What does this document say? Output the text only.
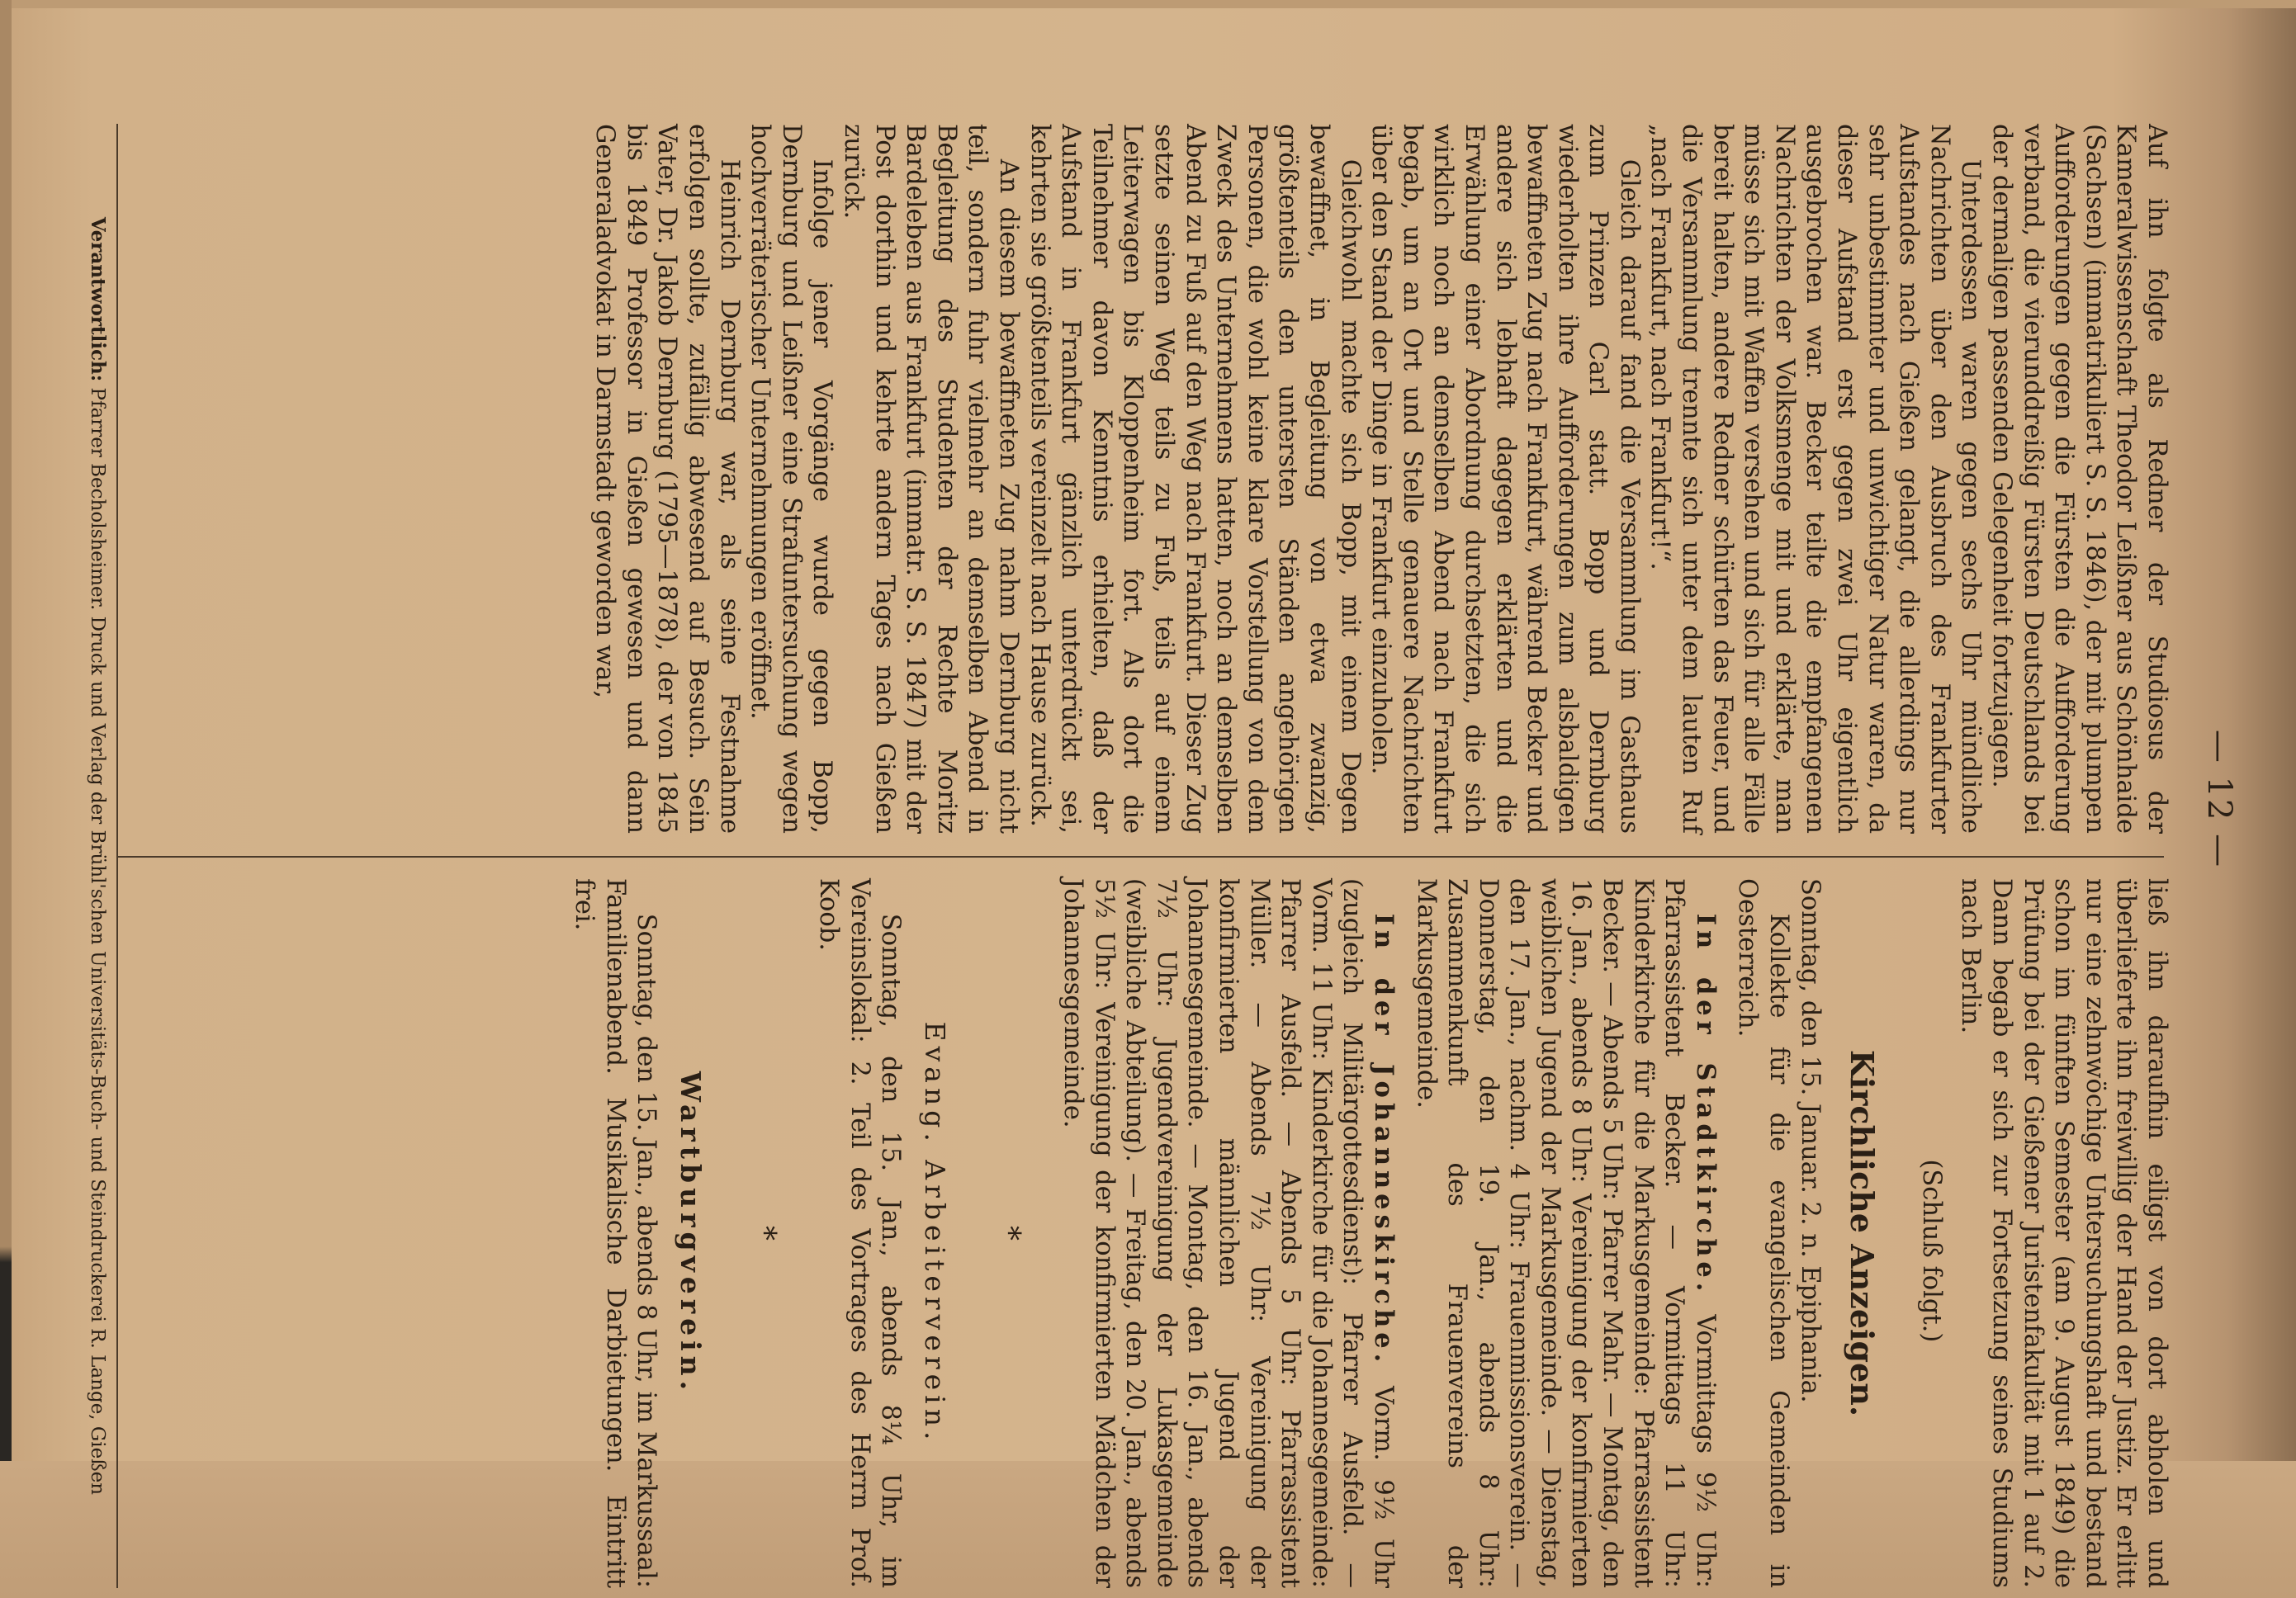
— 12 —

Auf ihn folgte als Redner der Studiosus der Kameralwissenschaft Theodor Leißner aus Schönhaide (Sachsen) (immatrikuliert S. S. 1846), der mit plumpen Aufforderungen gegen die Fürsten die Aufforderung verband, die vierunddreißig Fürsten Deutschlands bei der dermaligen passenden Gelegenheit fortzujagen.

Unterdessen waren gegen sechs Uhr mündliche Nachrichten über den Ausbruch des Frankfurter Aufstandes nach Gießen gelangt, die allerdings nur sehr unbestimmter und unwichtiger Natur waren, da dieser Aufstand erst gegen zwei Uhr eigentlich ausgebrochen war. Becker teilte die empfangenen Nachrichten der Volksmenge mit und erklärte, man müsse sich mit Waffen versehen und sich für alle Fälle bereit halten, andere Redner schürten das Feuer, und die Versammlung trennte sich unter dem lauten Ruf „nach Frankfurt, nach Frankfurt!“.

Gleich darauf fand die Versammlung im Gasthaus zum Prinzen Carl statt. Bopp und Dernburg wiederholten ihre Aufforderungen zum alsbaldigen bewaffneten Zug nach Frankfurt, während Becker und andere sich lebhaft dagegen erklärten und die Erwählung einer Abordnung durchsetzten, die sich wirklich noch an demselben Abend nach Frankfurt begab, um an Ort und Stelle genauere Nachrichten über den Stand der Dinge in Frankfurt einzuholen.

Gleichwohl machte sich Bopp, mit einem Degen bewaffnet, in Begleitung von etwa zwanzig, größtenteils den untersten Ständen angehörigen Personen, die wohl keine klare Vorstellung von dem Zweck des Unternehmens hatten, noch an demselben Abend zu Fuß auf den Weg nach Frankfurt. Dieser Zug setzte seinen Weg teils zu Fuß, teils auf einem Leiterwagen bis Kloppenheim fort. Als dort die Teilnehmer davon Kenntnis erhielten, daß der Aufstand in Frankfurt gänzlich unterdrückt sei, kehrten sie größtenteils vereinzelt nach Hause zurück.

An diesem bewaffneten Zug nahm Dernburg nicht teil, sondern fuhr vielmehr an demselben Abend in Begleitung des Studenten der Rechte Moritz Bardeleben aus Frankfurt (immatr. S. S. 1847) mit der Post dorthin und kehrte andern Tages nach Gießen zurück.

Infolge jener Vorgänge wurde gegen Bopp, Dernburg und Leißner eine Strafuntersuchung wegen hochverräterischer Unternehmungen eröffnet.

Heinrich Dernburg war, als seine Festnahme erfolgen sollte, zufällig abwesend auf Besuch. Sein Vater, Dr. Jakob Dernburg (1795—1878), der von 1845 bis 1849 Professor in Gießen gewesen und dann Generaladvokat in Darmstadt geworden war,

ließ ihn daraufhin eiligst von dort abholen und überlieferte ihn freiwillig der Hand der Justiz. Er erlitt nur eine zehnwöchige Untersuchungshaft und bestand schon im fünften Semester (am 9. August 1849) die Prüfung bei der Gießener Juristenfakultät mit 1 auf 2. Dann begab er sich zur Fortsetzung seines Studiums nach Berlin.

(Schluß folgt.)

Kirchliche Anzeigen.

Sonntag, den 15. Januar. 2. n. Epiphania.

Kollekte für die evangelischen Gemeinden in Oesterreich.

In der Stadtkirche. Vormittags 9½ Uhr: Pfarrassistent Becker. — Vormittags 11 Uhr: Kinderkirche für die Markusgemeinde: Pfarrassistent Becker. — Abends 5 Uhr: Pfarrer Mahr. — Montag, den 16. Jan., abends 8 Uhr: Vereinigung der konfirmierten weiblichen Jugend der Markusgemeinde. — Dienstag, den 17. Jan., nachm. 4 Uhr: Frauenmissionsverein. — Donnerstag, den 19. Jan., abends 8 Uhr: Zusammenkunft des Frauenvereins der Markusgemeinde.

In der Johanneskirche. Vorm. 9½ Uhr (zugleich Militärgottesdienst): Pfarrer Ausfeld. — Vorm. 11 Uhr: Kinderkirche für die Johannesgemeinde: Pfarrer Ausfeld. — Abends 5 Uhr: Pfarrassistent Müller. — Abends 7½ Uhr: Vereinigung der konfirmierten männlichen Jugend der Johannesgemeinde. — Montag, den 16. Jan., abends 7½ Uhr: Jugendvereinigung der Lukasgemeinde (weibliche Abteilung). — Freitag, den 20. Jan., abends 5½ Uhr: Vereinigung der konfirmierten Mädchen der Johannesgemeinde.

*
Evang. Arbeiterverein.

Sonntag, den 15. Jan., abends 8¼ Uhr, im Vereinslokal: 2. Teil des Vortrages des Herrn Prof. Koob.

*
Wartburgverein.

Sonntag, den 15. Jan., abends 8 Uhr, im Markussaal: Familienabend. Musikalische Darbietungen. Eintritt frei.

Verantwortlich: Pfarrer Becholsheimer. Druck und Verlag der Brühl'schen Universitäts-Buch- und Steindruckerei R. Lange, Gießen
